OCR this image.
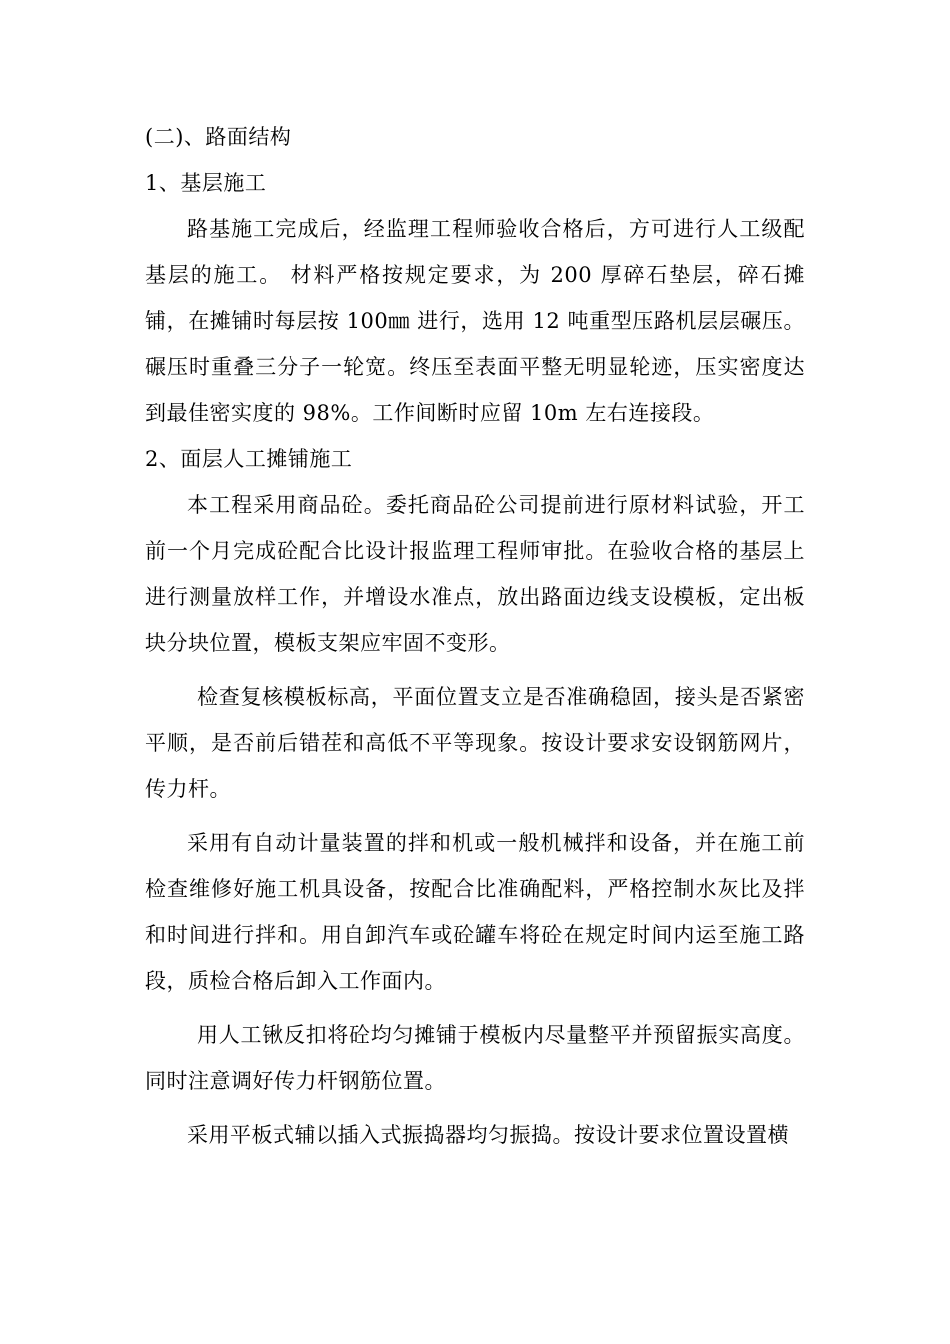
(二)、路面结构

1、基层施工

路基施工完成后，经监理工程师验收合格后，方可进行人工级配基层的施工。 材料严格按规定要求，为 200 厚碎石垫层，碎石摊铺，在摊铺时每层按 100㎜ 进行，选用 12 吨重型压路机层层碾压。碾压时重叠三分子一轮宽。终压至表面平整无明显轮迹，压实密度达到最佳密实度的 98%。工作间断时应留 10m 左右连接段。

2、面层人工摊铺施工

本工程采用商品砼。委托商品砼公司提前进行原材料试验，开工前一个月完成砼配合比设计报监理工程师审批。在验收合格的基层上进行测量放样工作，并增设水准点，放出路面边线支设模板，定出板块分块位置，模板支架应牢固不变形。

检查复核模板标高，平面位置支立是否准确稳固，接头是否紧密平顺，是否前后错茬和高低不平等现象。按设计要求安设钢筋网片，传力杆。

采用有自动计量装置的拌和机或一般机械拌和设备，并在施工前检查维修好施工机具设备，按配合比准确配料，严格控制水灰比及拌和时间进行拌和。用自卸汽车或砼罐车将砼在规定时间内运至施工路段，质检合格后卸入工作面内。

用人工锹反扣将砼均匀摊铺于模板内尽量整平并预留振实高度。同时注意调好传力杆钢筋位置。

采用平板式辅以插入式振捣器均匀振捣。按设计要求位置设置横
